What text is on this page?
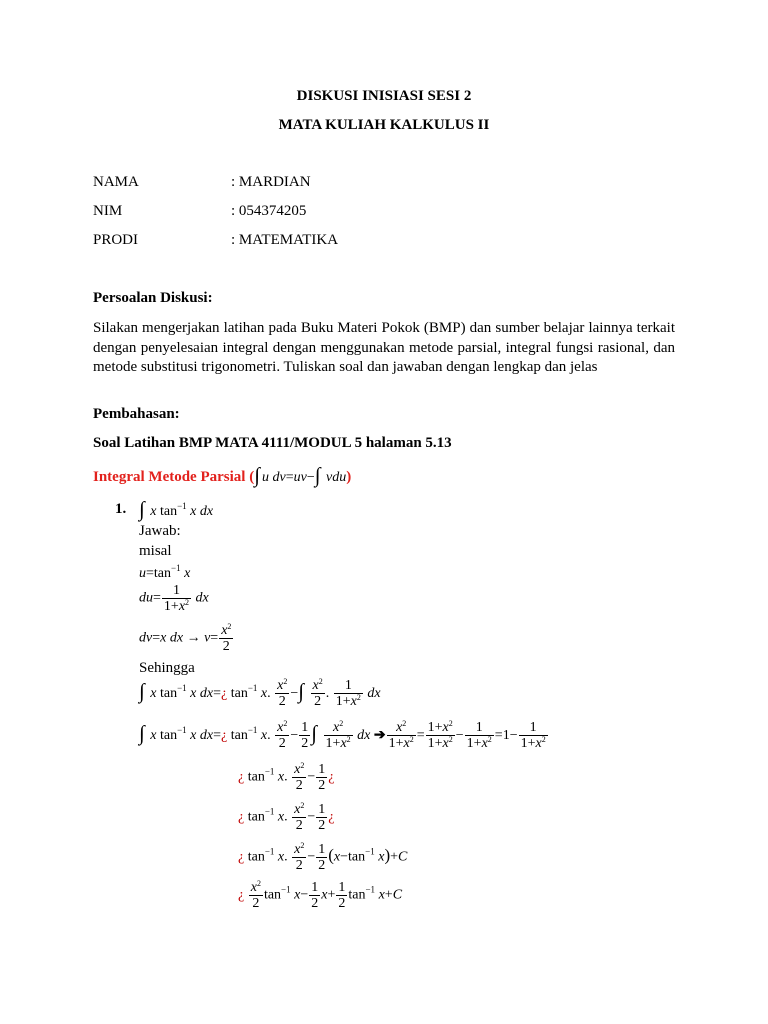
DISKUSI INISIASI SESI 2
MATA KULIAH KALKULUS II
NAMA	: MARDIAN
NIM	: 054374205
PRODI	: MATEMATIKA
Persoalan Diskusi:
Silakan mengerjakan latihan pada Buku Materi Pokok (BMP) dan sumber belajar lainnya terkait dengan penyelesaian integral dengan menggunakan metode parsial, integral fungsi rasional, dan metode substitusi trigonometri. Tuliskan soal dan jawaban dengan lengkap dan jelas
Pembahasan:
Soal Latihan BMP MATA 4111/MODUL 5 halaman 5.13
Integral Metode Parsial (∫ u dv=uv−∫ vdu)
1. ∫ x $\tan^{-1} x$ dx
Jawab:
misal
$u=\tan^{-1}$ x
$du= \frac{1}{1+x^2}$ dx
dv=x dx → $v= \frac{x^2}{2}$
Sehingga
∫ x $\tan^{-1} x$ dx=¿ $\tan^{-1} x$. $\frac{x^2}{2}$ −∫ $\frac{x^2}{2}$ . $\frac{1}{1+x^2}$ dx
∫ x $\tan^{-1} x$ dx=¿ $\tan^{-1} x$. $\frac{x^2}{2} - \frac{1}{2}$ ∫ $\frac{x^2}{1+x^2}$ dx ➔ $\frac{x^2}{1+x^2} = \frac{1+x^2}{1+x^2} - \frac{1}{1+x^2} =1- \frac{1}{1+x^2}$
¿ $\tan^{-1} x$. $\frac{x^2}{2} - \frac{1}{2}$ ¿
¿ $\tan^{-1} x$. $\frac{x^2}{2} - \frac{1}{2}$ ¿
¿ $\tan^{-1} x$. $\frac{x^2}{2} - \frac{1}{2} (x-\tan^{-1}$ x)+C
¿ $\frac{x^2}{2} \tan^{-1} x- \frac{1}{2} x+ \frac{1}{2} \tan^{-1} x+C$
